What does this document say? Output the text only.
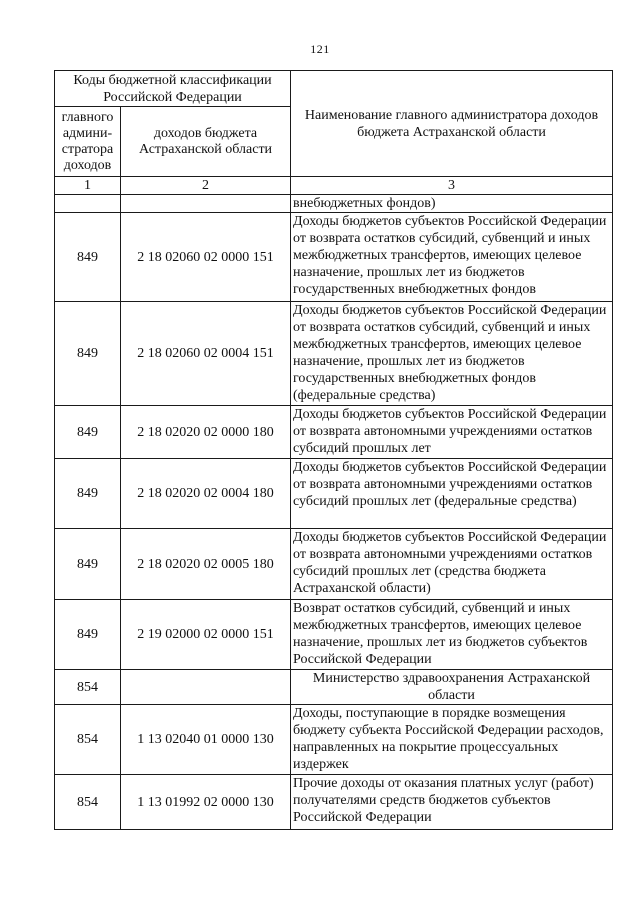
121
Коды бюджетной классификации Российской Федерации		Наименование главного администратора доходов бюджета Астраханской области
главного админи-стратора доходов	доходов бюджета Астраханской области	
1	2	3
		внебюджетных фондов)
849	2 18 02060 02 0000 151	Доходы бюджетов субъектов Российской Федерации от возврата остатков субсидий, субвенций и иных межбюджетных трансфертов, имеющих целевое назначение, прошлых лет из бюджетов государственных внебюджетных фондов
849	2 18 02060 02 0004 151	Доходы бюджетов субъектов Российской Федерации от возврата остатков субсидий, субвенций и иных межбюджетных трансфертов, имеющих целевое назначение, прошлых лет из бюджетов государственных внебюджетных фондов (федеральные средства)
849	2 18 02020 02 0000 180	Доходы бюджетов субъектов Российской Федерации от возврата автономными учреждениями остатков субсидий прошлых лет
849	2 18 02020 02 0004 180	Доходы бюджетов субъектов Российской Федерации от возврата автономными учреждениями остатков субсидий прошлых лет (федеральные средства)
849	2 18 02020 02 0005 180	Доходы бюджетов субъектов Российской Федерации от возврата автономными учреждениями остатков субсидий прошлых лет (средства бюджета Астраханской области)
849	2 19 02000 02 0000 151	Возврат остатков субсидий, субвенций и иных межбюджетных трансфертов, имеющих целевое назначение, прошлых лет из бюджетов субъектов Российской Федерации
854		Министерство здравоохранения Астраханской области
854	1 13 02040 01 0000 130	Доходы, поступающие в порядке возмещения бюджету субъекта Российской Федерации расходов, направленных на покрытие процессуальных издержек
854	1 13 01992 02 0000 130	Прочие доходы от оказания платных услуг (работ) получателями средств бюджетов субъектов Российской Федерации
